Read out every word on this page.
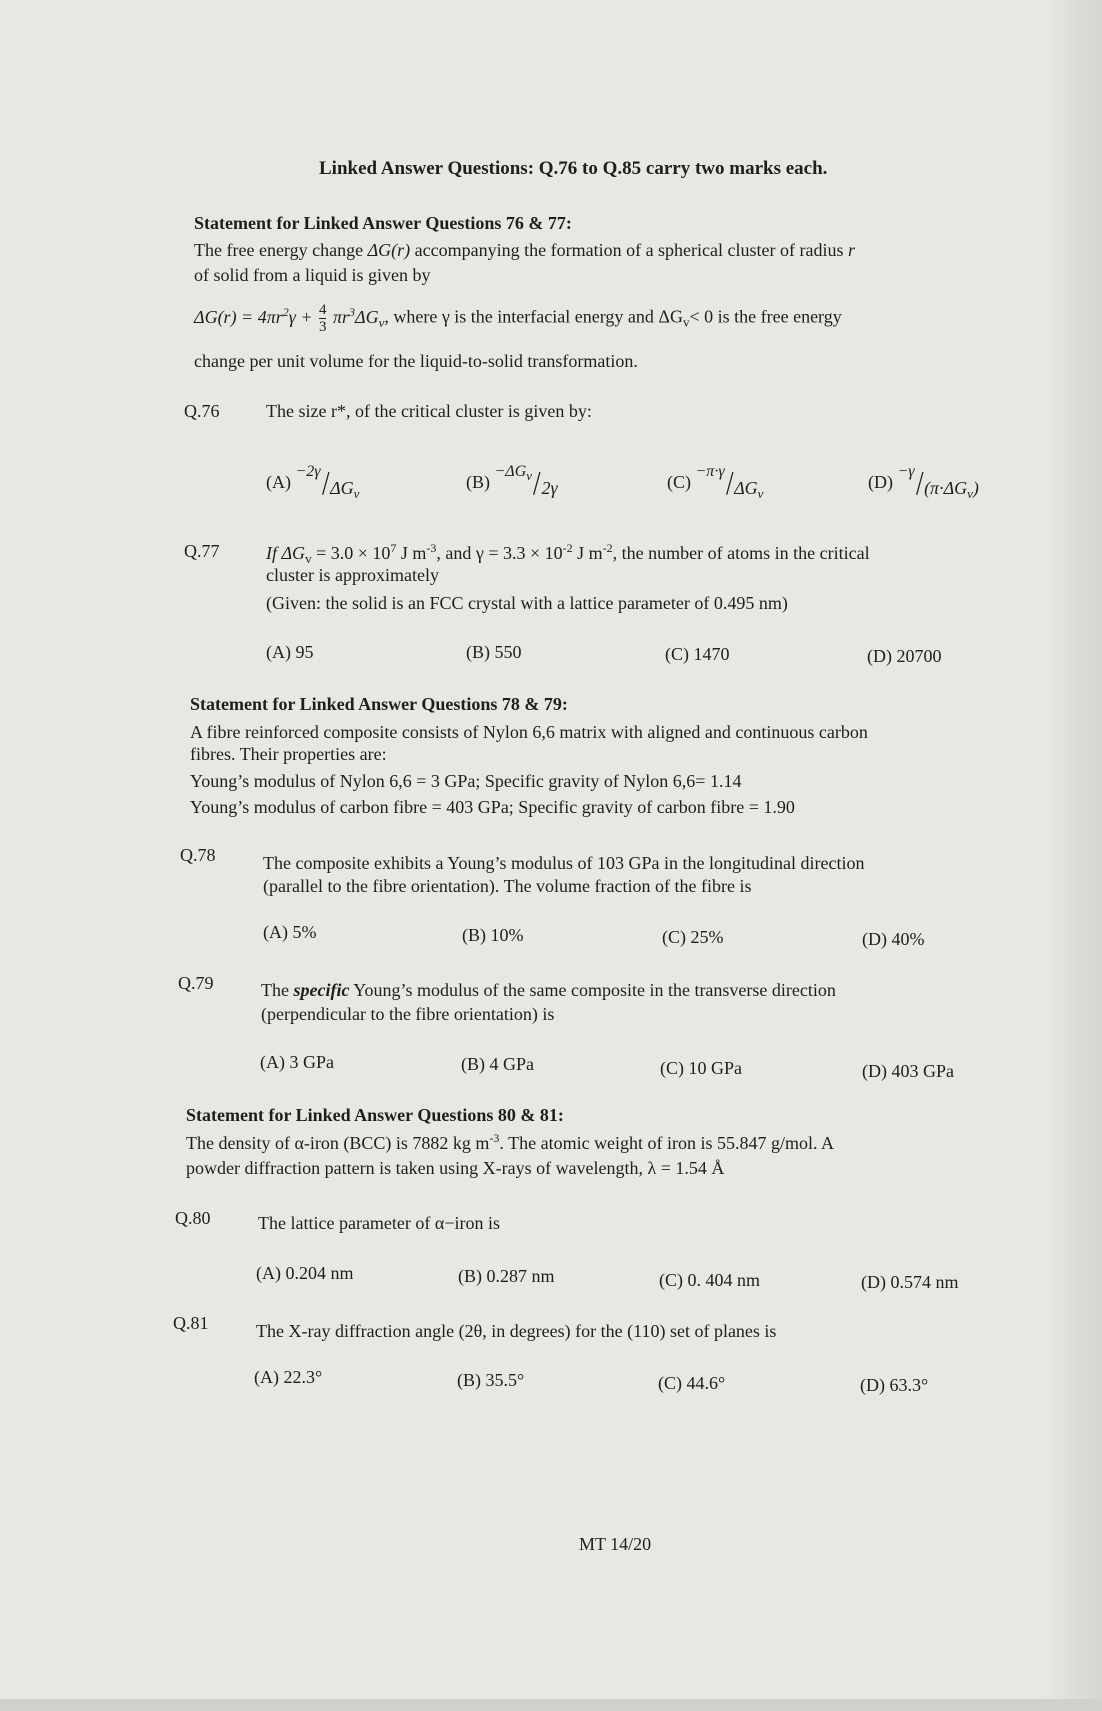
Linked Answer Questions: Q.76 to Q.85 carry two marks each.
Statement for Linked Answer Questions 76 & 77:
The free energy change ΔG(r) accompanying the formation of a spherical cluster of radius r
of solid from a liquid is given by
$\Delta G(r) = 4\pi r^2\gamma + \frac{4}{3} \pi r^3\Delta G_v$, where γ is the interfacial energy and $\Delta G_v< 0$ is the free energy
change per unit volume for the liquid-to-solid transformation.
Q.76	The size r*, of the critical cluster is given by:
$(A) -2\gamma/\Delta G_v$
$(B) -\Delta G_v/2\gamma$	$(C) -\pi\cdot\gamma/\Delta G_v$
$(D) -\gamma/(\pi\cdot\Delta G_v)$
Q.77	If $\Delta G_v = 3.0 \times 10^7$ J $m^{-3}$, and $\gamma = 3.3 \times 10^{-2}$ J $m^{-2}$, the number of atoms in the critical
cluster is approximately
(Given: the solid is an FCC crystal with a lattice parameter of 0.495 nm)
(A) 95	(B) 550	(C) 1470	(D) 20700
Statement for Linked Answer Questions 78 & 79:
A fibre reinforced composite consists of Nylon 6,6 matrix with aligned and continuous carbon
fibres. Their properties are:
Young’s modulus of Nylon 6,6 = 3 GPa; Specific gravity of Nylon 6,6= 1.14
Young’s modulus of carbon fibre = 403 GPa; Specific gravity of carbon fibre = 1.90
Q.78	The composite exhibits a Young’s modulus of 103 GPa in the longitudinal direction
(parallel to the fibre orientation). The volume fraction of the fibre is
(A) 5%	(B) 10%	(C) 25%	(D) 40%
Q.79	The specific Young’s modulus of the same composite in the transverse direction
(perpendicular to the fibre orientation) is
(A) 3 GPa	(B) 4 GPa	(C) 10 GPa	(D) 403 GPa
Statement for Linked Answer Questions 80 & 81:
The density of α-iron (BCC) is 7882 kg $m^{-3}$. The atomic weight of iron is 55.847 g/mol. A
powder diffraction pattern is taken using X-rays of wavelength, λ = 1.54 Å
Q.80	The lattice parameter of α−iron is
(A) 0.204 nm	(B) 0.287 nm	(C) 0. 404 nm	(D) 0.574 nm
Q.81	The X-ray diffraction angle (2θ, in degrees) for the (110) set of planes is
(A) 22.3°	(B) 35.5°	(C) 44.6°	(D) 63.3°
MT 14/20
